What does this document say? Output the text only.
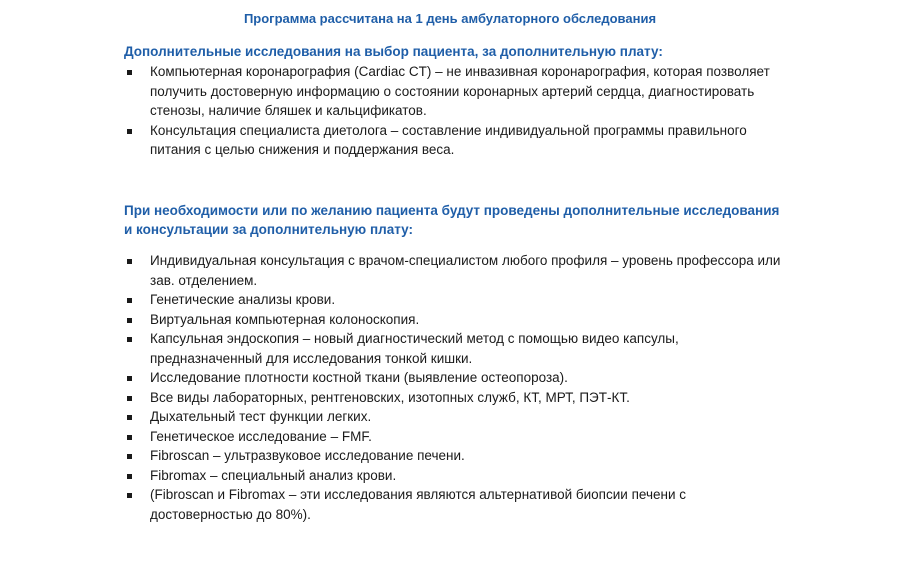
Программа рассчитана на 1 день амбулаторного обследования
Дополнительные исследования на выбор пациента, за дополнительную плату:
Компьютерная коронарография (Cardiac CT) – не инвазивная коронарография, которая позволяет получить достоверную информацию о состоянии коронарных артерий сердца, диагностировать стенозы, наличие бляшек и кальцификатов.
Консультация специалиста диетолога – составление индивидуальной программы правильного питания с целью снижения и поддержания веса.
При необходимости или по желанию пациента будут проведены дополнительные исследования и консультации за дополнительную плату:
Индивидуальная консультация с врачом-специалистом любого профиля – уровень профессора или зав. отделением.
Генетические анализы крови.
Виртуальная компьютерная колоноскопия.
Капсульная эндоскопия – новый диагностический метод с помощью видео капсулы, предназначенный для исследования тонкой кишки.
Исследование плотности костной ткани (выявление остеопороза).
Все виды лабораторных, рентгеновских, изотопных служб, КТ, МРТ, ПЭТ-КТ.
Дыхательный тест функции легких.
Генетическое исследование – FMF.
Fibroscan – ультразвуковое исследование печени.
Fibromax – специальный анализ крови.
(Fibroscan и Fibromax – эти исследования являются альтернативой биопсии печени с достоверностью до 80%).
